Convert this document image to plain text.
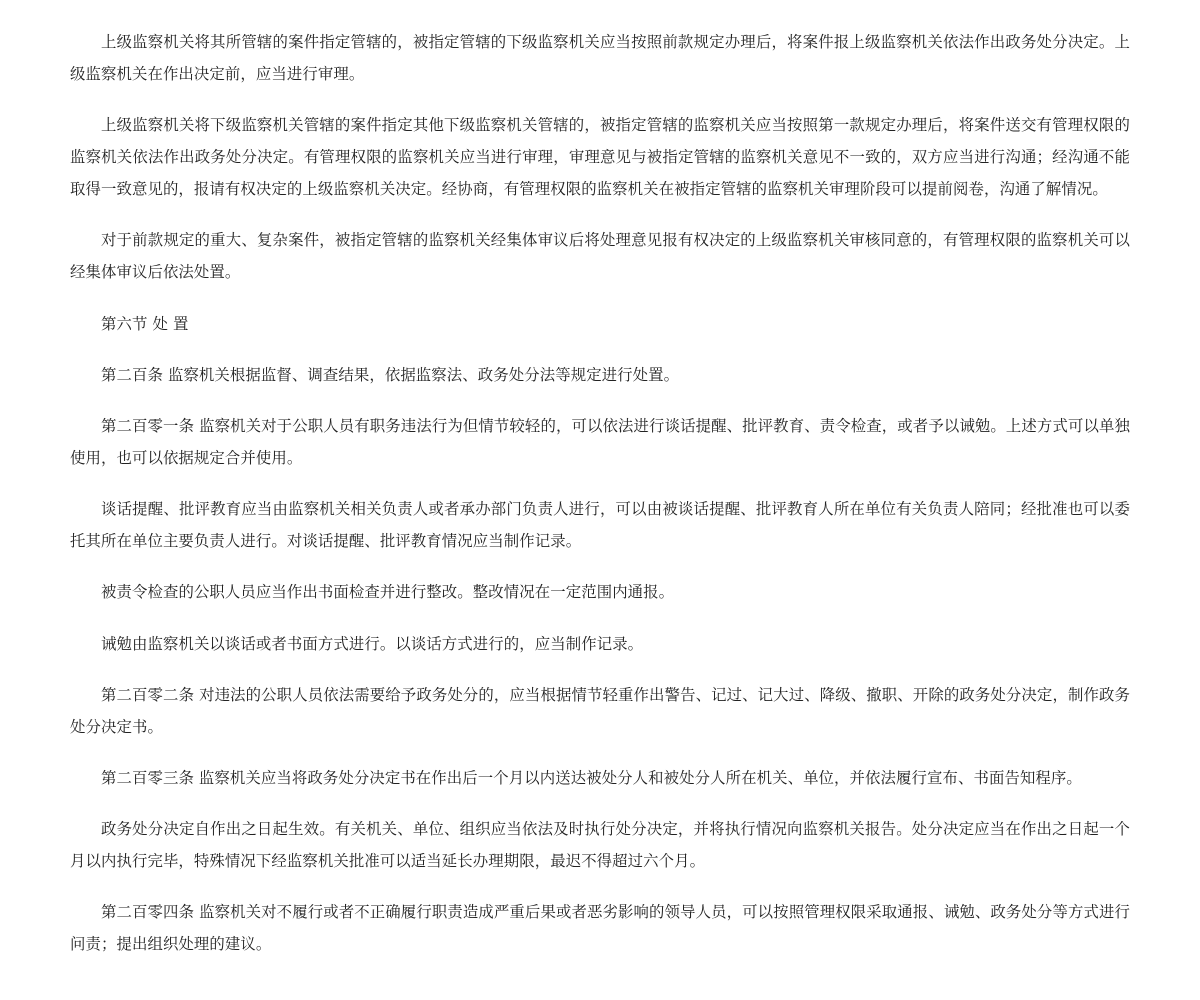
上级监察机关将其所管辖的案件指定管辖的，被指定管辖的下级监察机关应当按照前款规定办理后，将案件报上级监察机关依法作出政务处分决定。上级监察机关在作出决定前，应当进行审理。

上级监察机关将下级监察机关管辖的案件指定其他下级监察机关管辖的，被指定管辖的监察机关应当按照第一款规定办理后，将案件送交有管理权限的监察机关依法作出政务处分决定。有管理权限的监察机关应当进行审理，审理意见与被指定管辖的监察机关意见不一致的，双方应当进行沟通；经沟通不能取得一致意见的，报请有权决定的上级监察机关决定。经协商，有管理权限的监察机关在被指定管辖的监察机关审理阶段可以提前阅卷，沟通了解情况。

对于前款规定的重大、复杂案件，被指定管辖的监察机关经集体审议后将处理意见报有权决定的上级监察机关审核同意的，有管理权限的监察机关可以经集体审议后依法处置。

第六节 处 置

第二百条 监察机关根据监督、调查结果，依据监察法、政务处分法等规定进行处置。

第二百零一条 监察机关对于公职人员有职务违法行为但情节较轻的，可以依法进行谈话提醒、批评教育、责令检查，或者予以诫勉。上述方式可以单独使用，也可以依据规定合并使用。

谈话提醒、批评教育应当由监察机关相关负责人或者承办部门负责人进行，可以由被谈话提醒、批评教育人所在单位有关负责人陪同；经批准也可以委托其所在单位主要负责人进行。对谈话提醒、批评教育情况应当制作记录。

被责令检查的公职人员应当作出书面检查并进行整改。整改情况在一定范围内通报。

诫勉由监察机关以谈话或者书面方式进行。以谈话方式进行的，应当制作记录。

第二百零二条 对违法的公职人员依法需要给予政务处分的，应当根据情节轻重作出警告、记过、记大过、降级、撤职、开除的政务处分决定，制作政务处分决定书。

第二百零三条 监察机关应当将政务处分决定书在作出后一个月以内送达被处分人和被处分人所在机关、单位，并依法履行宣布、书面告知程序。

政务处分决定自作出之日起生效。有关机关、单位、组织应当依法及时执行处分决定，并将执行情况向监察机关报告。处分决定应当在作出之日起一个月以内执行完毕，特殊情况下经监察机关批准可以适当延长办理期限，最迟不得超过六个月。

第二百零四条 监察机关对不履行或者不正确履行职责造成严重后果或者恶劣影响的领导人员，可以按照管理权限采取通报、诫勉、政务处分等方式进行问责；提出组织处理的建议。
